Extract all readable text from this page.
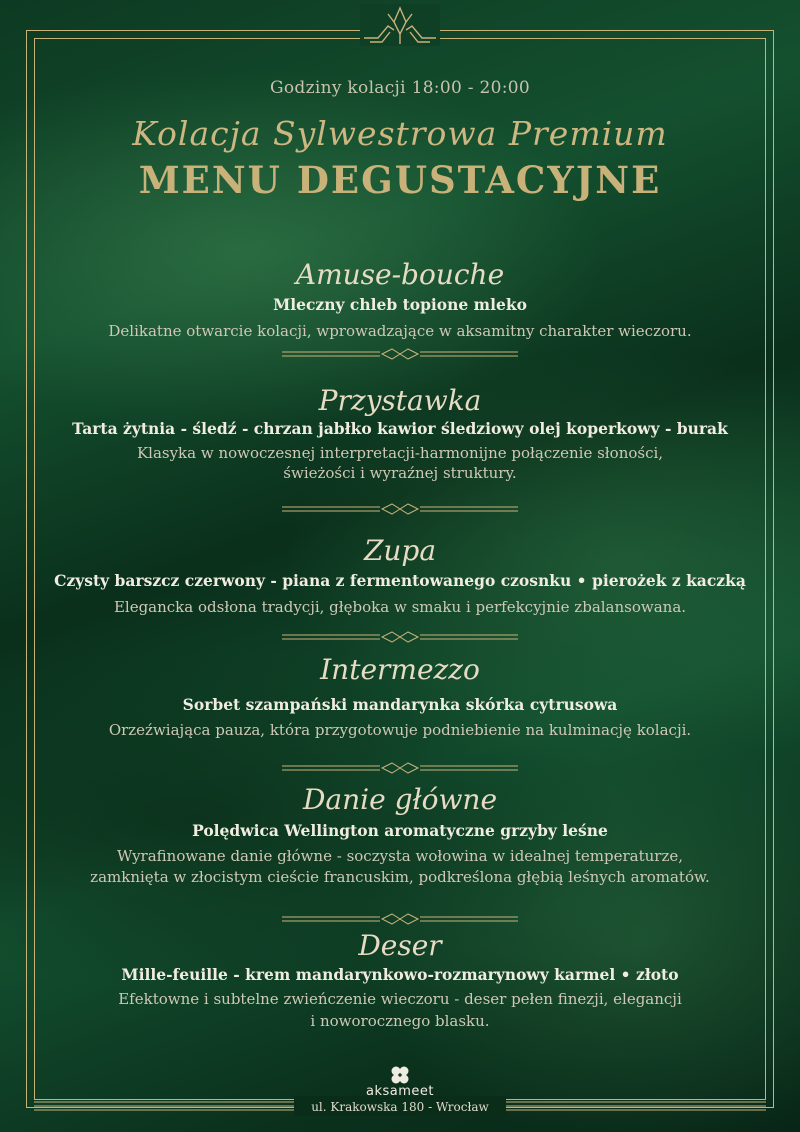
Godziny kolacji 18:00 - 20:00
Kolacja Sylwestrowa Premium
MENU DEGUSTACYJNE
Amuse-bouche
Mleczny chleb topione mleko
Delikatne otwarcie kolacji, wprowadzające w aksamitny charakter wieczoru.
Przystawka
Tarta żytnia - śledź - chrzan jabłko kawior śledziowy olej koperkowy - burak
Klasyka w nowoczesnej interpretacji-harmonijne połączenie słoności,
świeżości i wyraźnej struktury.
Zupa
Czysty barszcz czerwony - piana z fermentowanego czosnku • pierożek z kaczką
Elegancka odsłona tradycji, głęboka w smaku i perfekcyjnie zbalansowana.
Intermezzo
Sorbet szampański mandarynka skórka cytrusowa
Orzeźwiająca pauza, która przygotowuje podniebienie na kulminację kolacji.
Danie główne
Polędwica Wellington aromatyczne grzyby leśne
Wyrafinowane danie główne - soczysta wołowina w idealnej temperaturze,
zamknięta w złocistym cieście francuskim, podkreślona głębią leśnych aromatów.
Deser
Mille-feuille - krem mandarynkowo-rozmarynowy karmel • złoto
Efektowne i subtelne zwieńczenie wieczoru - deser pełen finezji, elegancji
i noworocznego blasku.
aksameet
ul. Krakowska 180 - Wrocław
